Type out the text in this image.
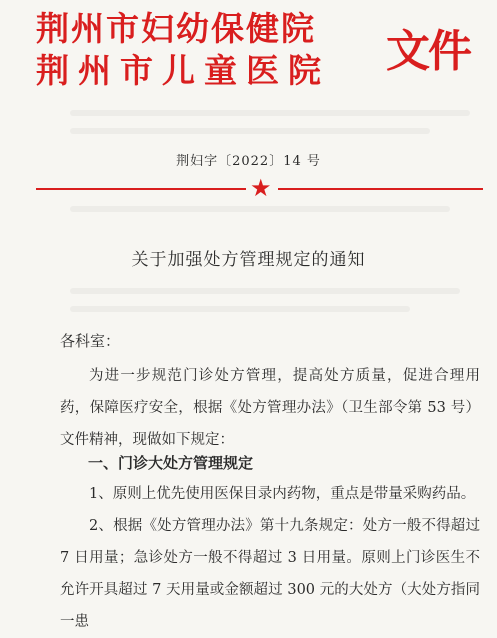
荆州市妇幼保健院
荆州市儿童医院 文件
荆妇字〔2022〕14 号
★
关于加强处方管理规定的通知
各科室：
为进一步规范门诊处方管理，提高处方质量，促进合理用药，保障医疗安全，根据《处方管理办法》（卫生部令第 53 号）文件精神，现做如下规定：
一、门诊大处方管理规定
1、原则上优先使用医保目录内药物，重点是带量采购药品。
2、根据《处方管理办法》第十九条规定：处方一般不得超过 7 日用量；急诊处方一般不得超过 3 日用量。原则上门诊医生不允许开具超过 7 天用量或金额超过 300 元的大处方（大处方指同一患
